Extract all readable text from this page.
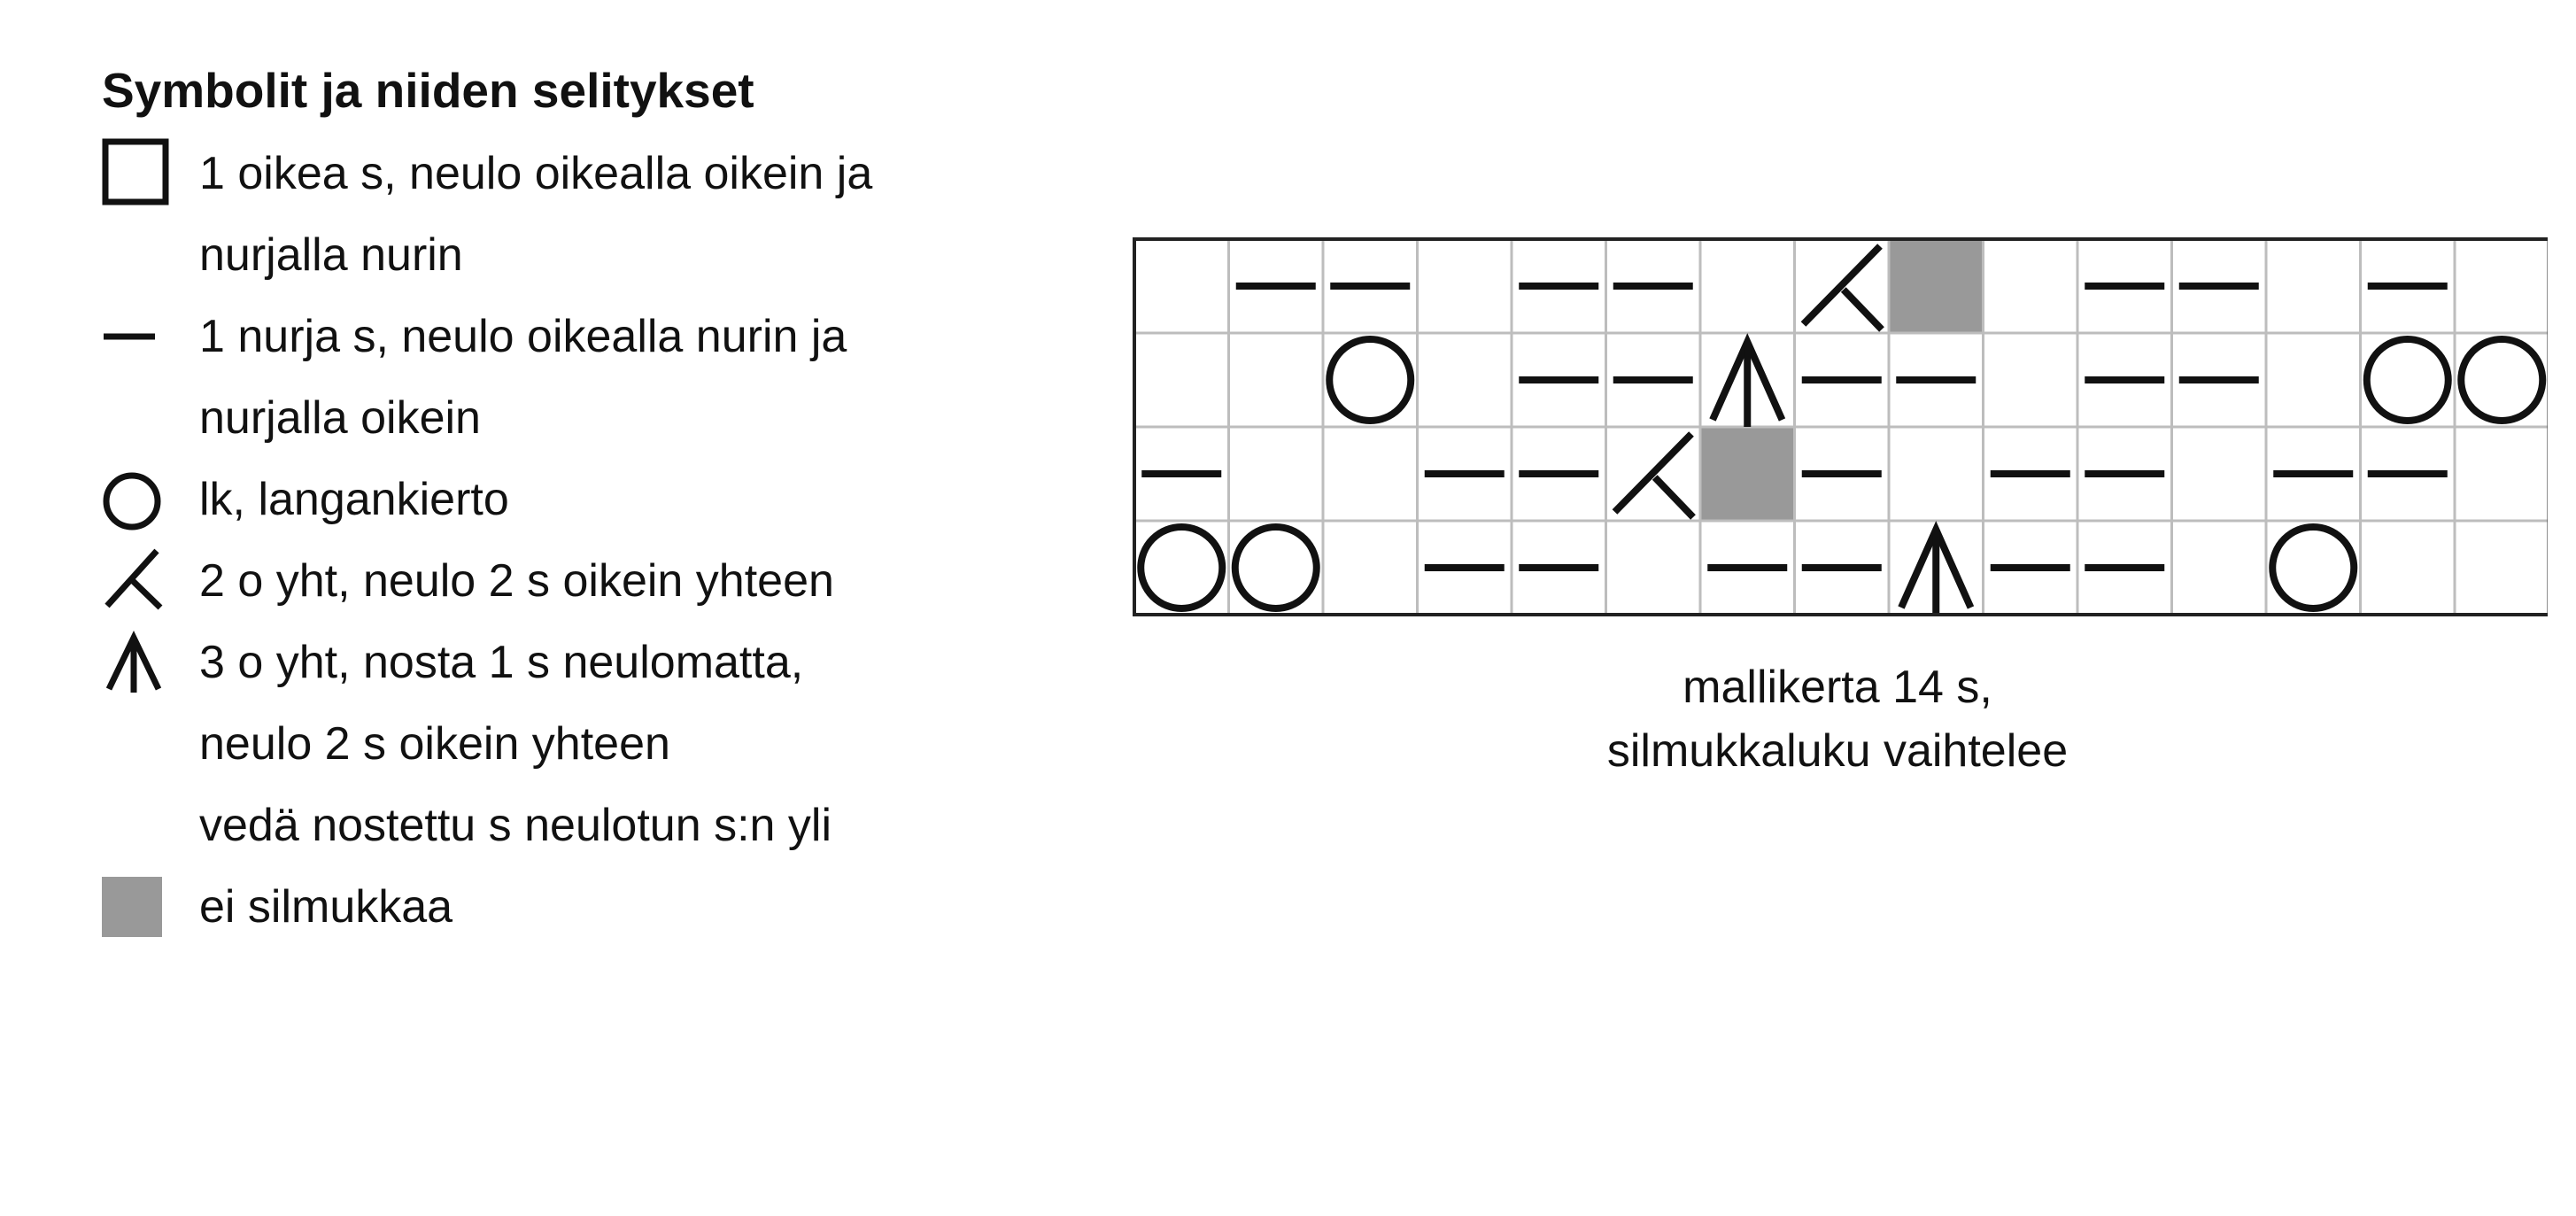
Symbolit ja niiden selitykset
1 oikea s, neulo oikealla oikein ja
nurjalla nurin
1 nurja s, neulo oikealla nurin ja
nurjalla oikein
lk, langankierto
2 o yht, neulo 2 s oikein yhteen
3 o yht, nosta 1 s neulomatta,
neulo 2 s oikein yhteen
vedä nostettu s neulotun s:n yli
ei silmukkaa
mallikerta 14 s,
silmukkaluku vaihtelee
